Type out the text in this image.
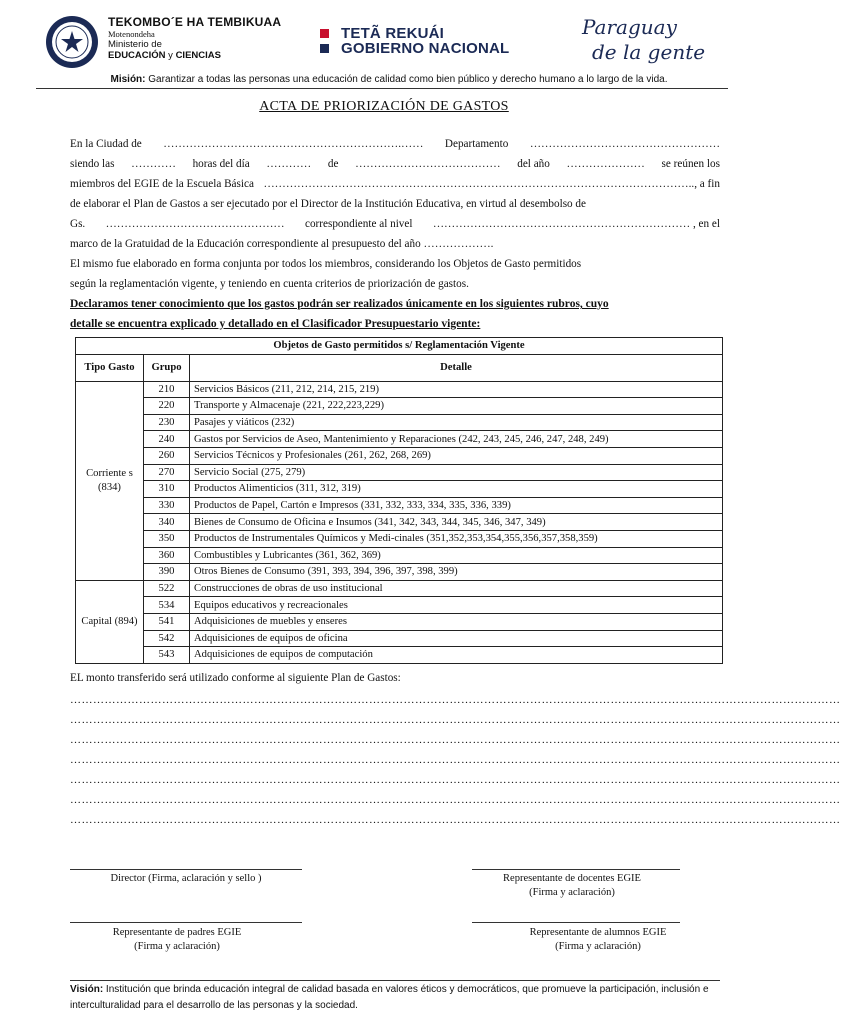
TEKOMBO´E HA TEMBIKUAA
Motenondeha
Ministerio de
EDUCACIÓN y CIENCIAS
TETÃ REKUÁI
GOBIERNO NACIONAL
Paraguay
de la gente
Misión: Garantizar a todas las personas una educación de calidad como bien público y derecho humano a lo largo de la vida.
ACTA DE PRIORIZACIÓN DE GASTOS
En la Ciudad de ……………………………………………………….…… Departamento ……………………………………………
siendo las ………… horas del día ………… de ………………………………… del año ………………… se reúnen los
miembros del EGIE de la Escuela Básica …………………………………………………………………………………………………….., a fin
de elaborar el Plan de Gastos a ser ejecutado por el Director de la Institución Educativa, en virtud al desembolso de
Gs. ………………………………………… correspondiente al nivel …………………………………………………………… , en el
marco de la Gratuidad de la Educación correspondiente al presupuesto del año ……………….
El mismo fue elaborado en forma conjunta por todos los miembros, considerando los Objetos de Gasto permitidos
según la reglamentación vigente, y teniendo en cuenta criterios de priorización de gastos.
Declaramos tener conocimiento que los gastos podrán ser realizados únicamente en los siguientes rubros, cuyo
detalle se encuentra explicado y detallado en el Clasificador Presupuestario vigente:
Objetos de Gasto permitidos s/ Reglamentación Vigente		
Tipo Gasto	Grupo	Detalle
Corriente s (834)	210	Servicios Básicos (211, 212, 214, 215, 219)
	220	Transporte y Almacenaje (221, 222,223,229)
	230	Pasajes y viáticos (232)
	240	Gastos por Servicios de Aseo, Mantenimiento y Reparaciones (242, 243, 245, 246, 247, 248, 249)
	260	Servicios Técnicos y Profesionales (261, 262, 268, 269)
	270	Servicio Social (275, 279)
	310	Productos Alimenticios (311, 312, 319)
	330	Productos de Papel, Cartón e Impresos (331, 332, 333, 334, 335, 336, 339)
	340	Bienes de Consumo de Oficina e Insumos (341, 342, 343, 344, 345, 346, 347, 349)
	350	Productos de Instrumentales Químicos y Medi-cinales (351,352,353,354,355,356,357,358,359)
	360	Combustibles y Lubricantes (361, 362, 369)
	390	Otros Bienes de Consumo (391, 393, 394, 396, 397, 398, 399)
Capital (894)	522	Construcciones de obras de uso institucional
	534	Equipos educativos y recreacionales
	541	Adquisiciones de muebles y enseres
	542	Adquisiciones de equipos de oficina
	543	Adquisiciones de equipos de computación
EL monto transferido será utilizado conforme al siguiente Plan de Gastos:
…………………………………………………………………………………………………………………………………………………………………………………
…………………………………………………………………………………………………………………………………………………………………………………
…………………………………………………………………………………………………………………………………………………………………………………
…………………………………………………………………………………………………………………………………………………………………………………
…………………………………………………………………………………………………………………………………………………………………………………
…………………………………………………………………………………………………………………………………………………………………………………
…………………………………………………………………………………………………………………………………………………………………………………
Director (Firma, aclaración y sello )	Representante de docentes EGIE
(Firma y aclaración)
Representante de padres EGIE
(Firma y aclaración)
Representante de alumnos EGIE
(Firma y aclaración)
Visión: Institución que brinda educación integral de calidad basada en valores éticos y democráticos, que promueve la participación, inclusión e interculturalidad para el desarrollo de las personas y la sociedad.
